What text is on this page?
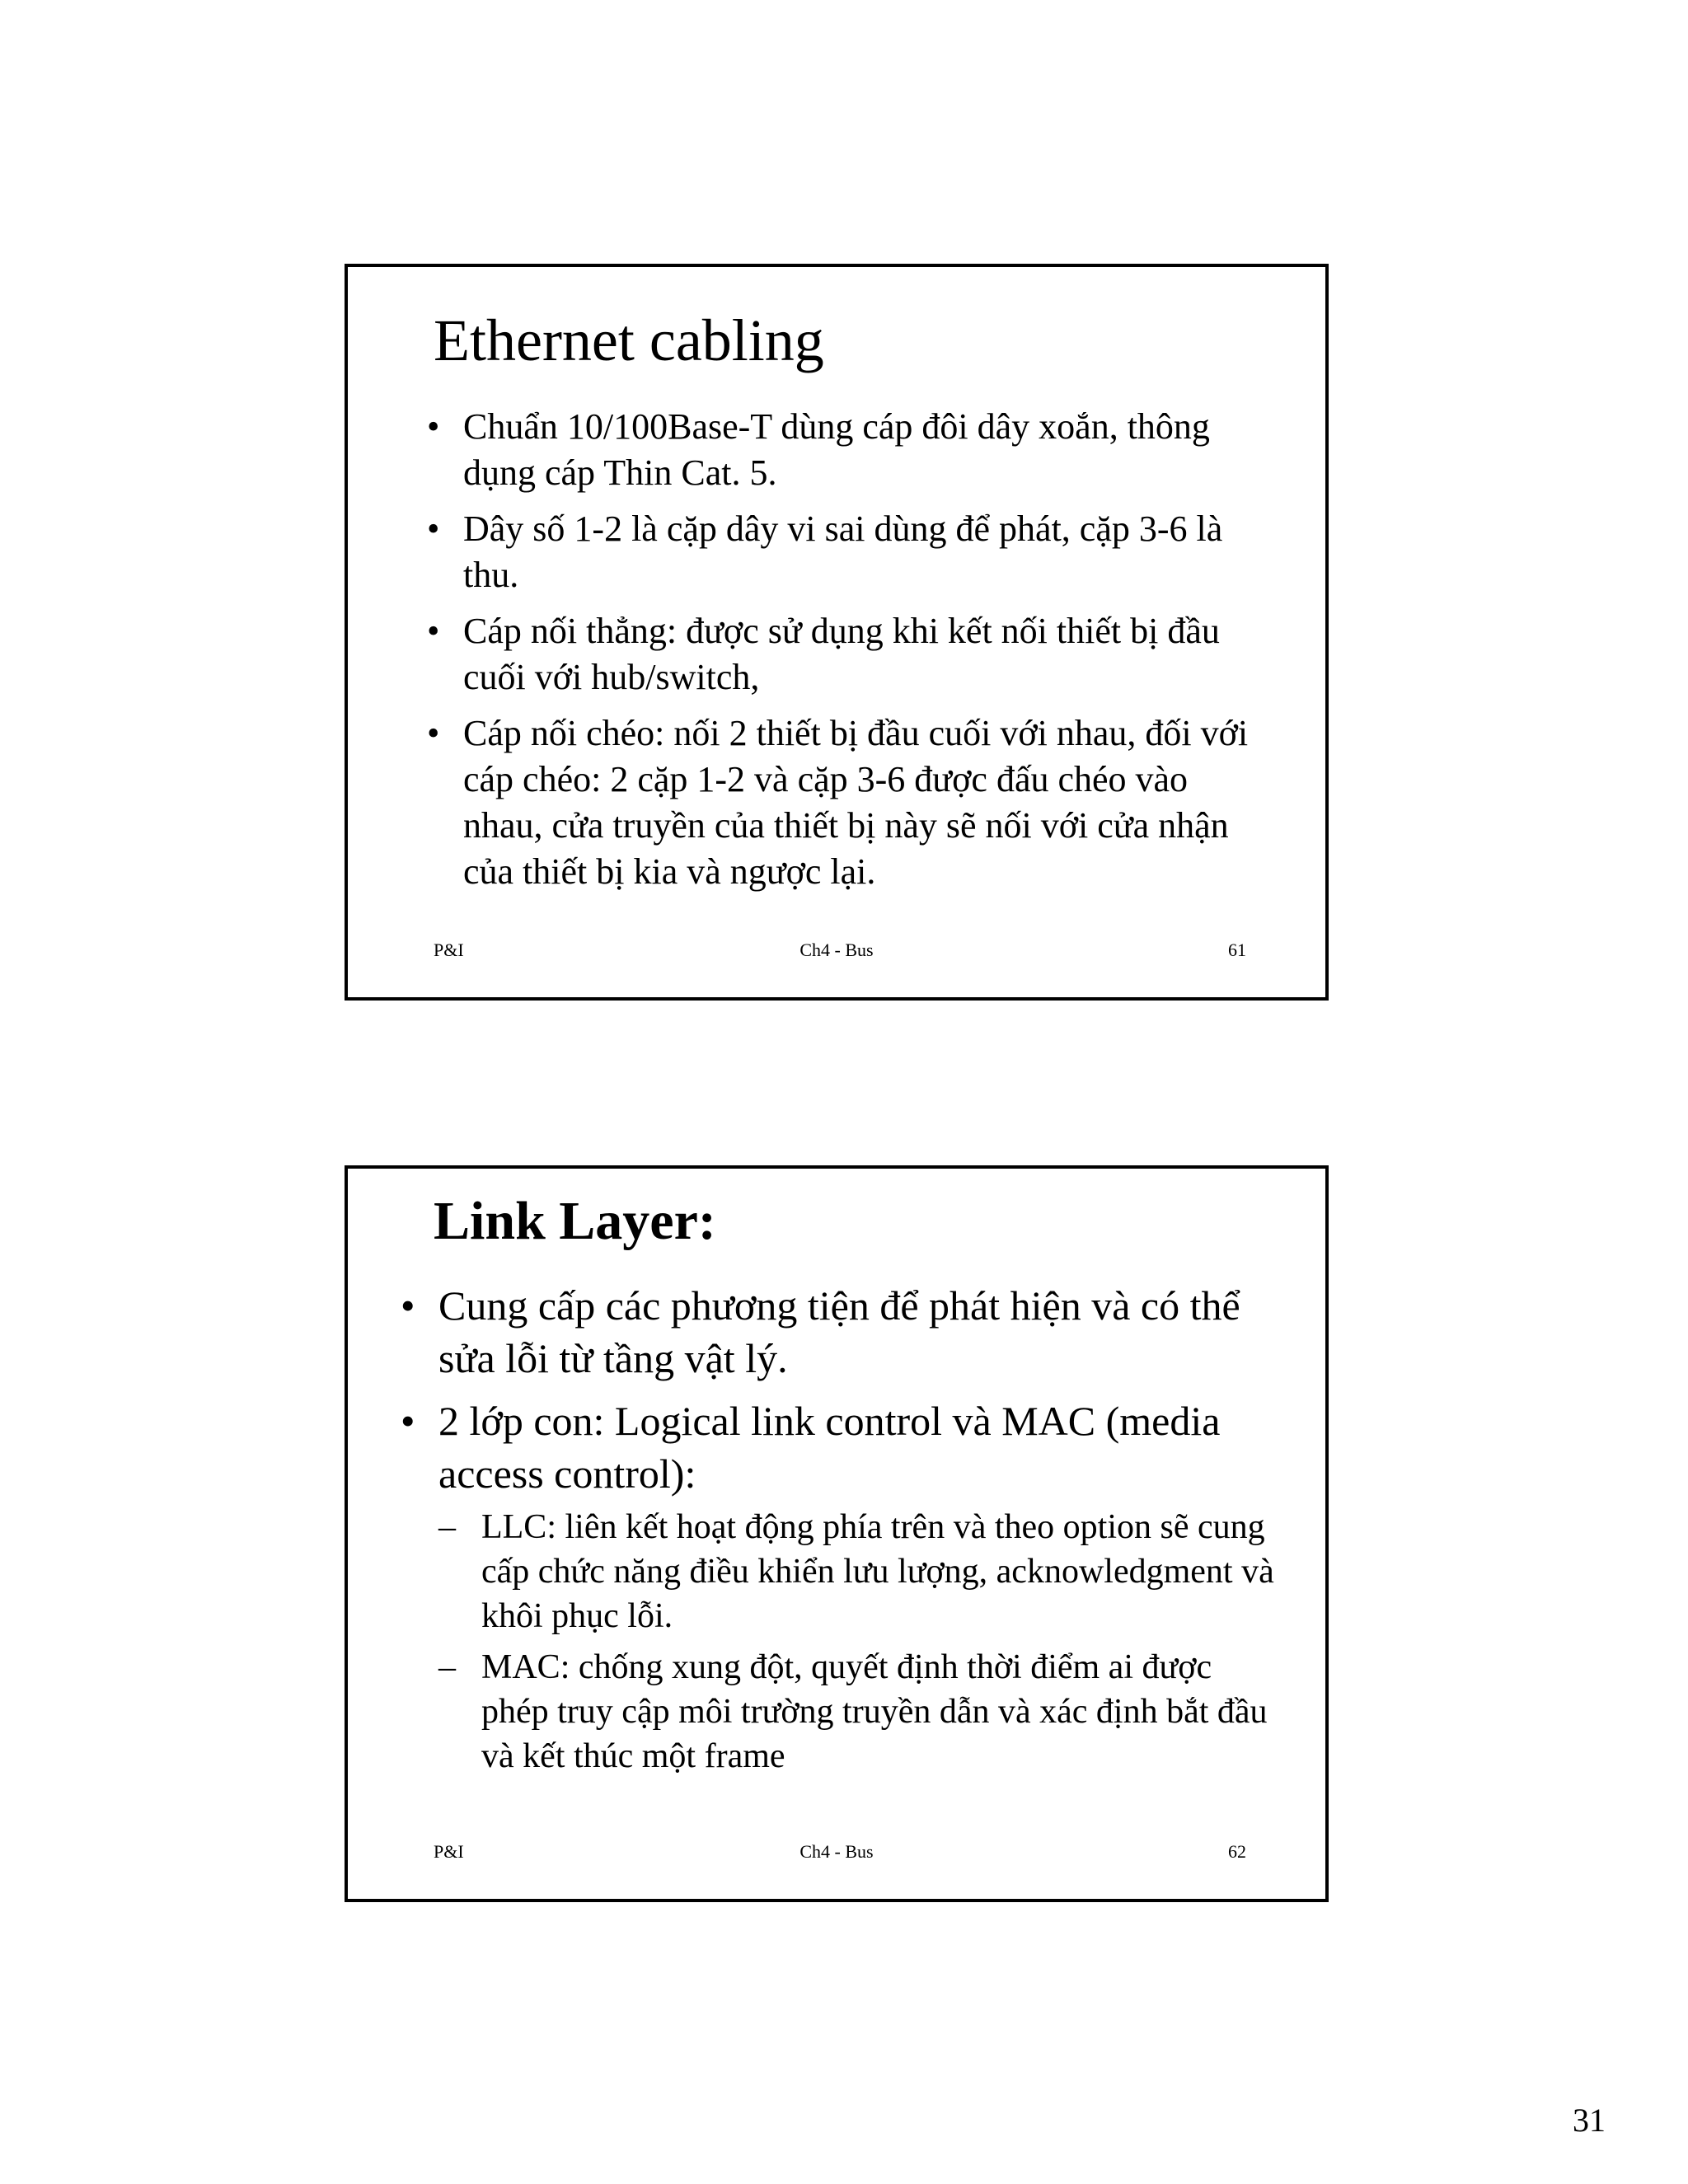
Ethernet cabling
• Chuẩn 10/100Base-T dùng cáp đôi dây xoắn, thông dụng cáp Thin Cat. 5.
• Dây số 1-2 là cặp dây vi sai dùng để phát, cặp 3-6 là thu.
• Cáp nối thẳng: được sử dụng khi kết nối thiết bị đầu cuối với hub/switch,
• Cáp nối chéo: nối 2 thiết bị đầu cuối với nhau, đối với cáp chéo: 2 cặp 1-2 và cặp 3-6 được đấu chéo vào nhau, cửa truyền của thiết bị này sẽ nối với cửa nhận của thiết bị kia và ngược lại.
P&I	Ch4 - Bus	61
Link Layer:
• Cung cấp các phương tiện để phát hiện và có thể sửa lỗi từ tầng vật lý.
• 2 lớp con: Logical link control và MAC (media access control):
– LLC: liên kết hoạt động phía trên và theo option sẽ cung cấp chức năng điều khiển lưu lượng, acknowledgment và khôi phục lỗi.
– MAC: chống xung đột, quyết định thời điểm ai được phép truy cập môi trường truyền dẫn và xác định bắt đầu và kết thúc một frame
P&I	Ch4 - Bus	62
31
